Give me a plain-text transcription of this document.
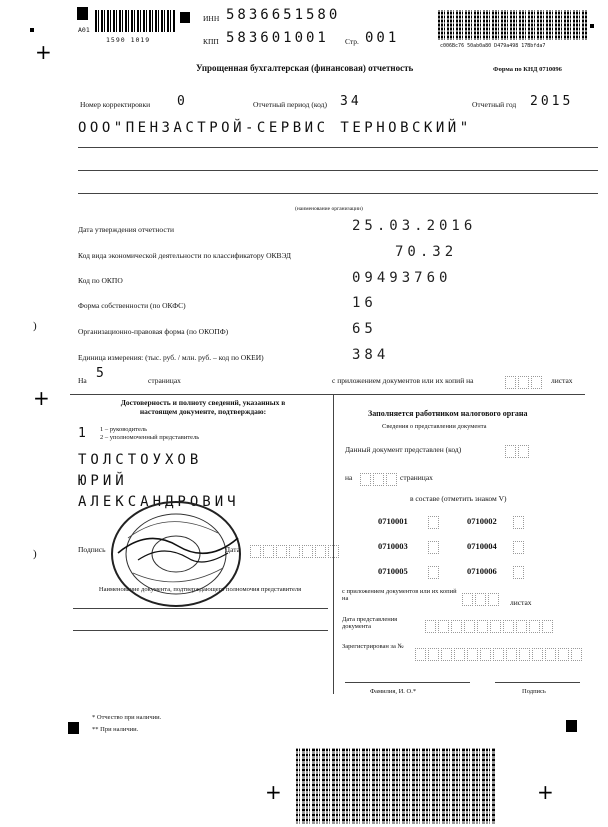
+
+
+	+
A01
1590 1019
ИНН 5836651580
КПП 583601001 Стр. 001	c006Bc76 50ab0a80 D479a498 17Bbfda7
Упрощенная бухгалтерская (финансовая) отчетность	Форма по КНД 0710096
Номер корректировки 0	Отчетный период (код) 34	Отчетный год 2015
ООО"ПЕНЗАСТРОЙ-СЕРВИС ТЕРНОВСКИЙ"
(наименование организации)
Дата утверждения отчетности	25.03.2016
Код вида экономической деятельности по классификатору ОКВЭД	70.32
Код по ОКПО	09493760
Форма собственности (по ОКФС)	16
Организационно-правовая форма (по ОКОПФ)	65
Единица измерения: (тыс. руб. / млн. руб. – код по ОКЕИ)	384
)
)
На 5	страницах	с приложением документов или их копий на	листах
Достоверность и полноту сведений, указанных в настоящем документе, подтверждаю:
1 1 – руководитель
2 – уполномоченный представитель
ТОЛСТОУХОВ
ЮРИЙ
АЛЕКСАНДРОВИЧ
Подпись	Дата
Наименование документа, подтверждающего полномочия представителя
Заполняется работником налогового органа
Сведения о представлении документа
Данный документ представлен (код)
на	страницах
в составе (отметить знаком V)
0710001	0710002
0710003	0710004
0710005	0710006
с приложением документов или их копий на	листах
Дата представления документа
Зарегистрирован за №
Фамилия, И. О.*	Подпись
* Отчество при наличии.
** При наличии.
